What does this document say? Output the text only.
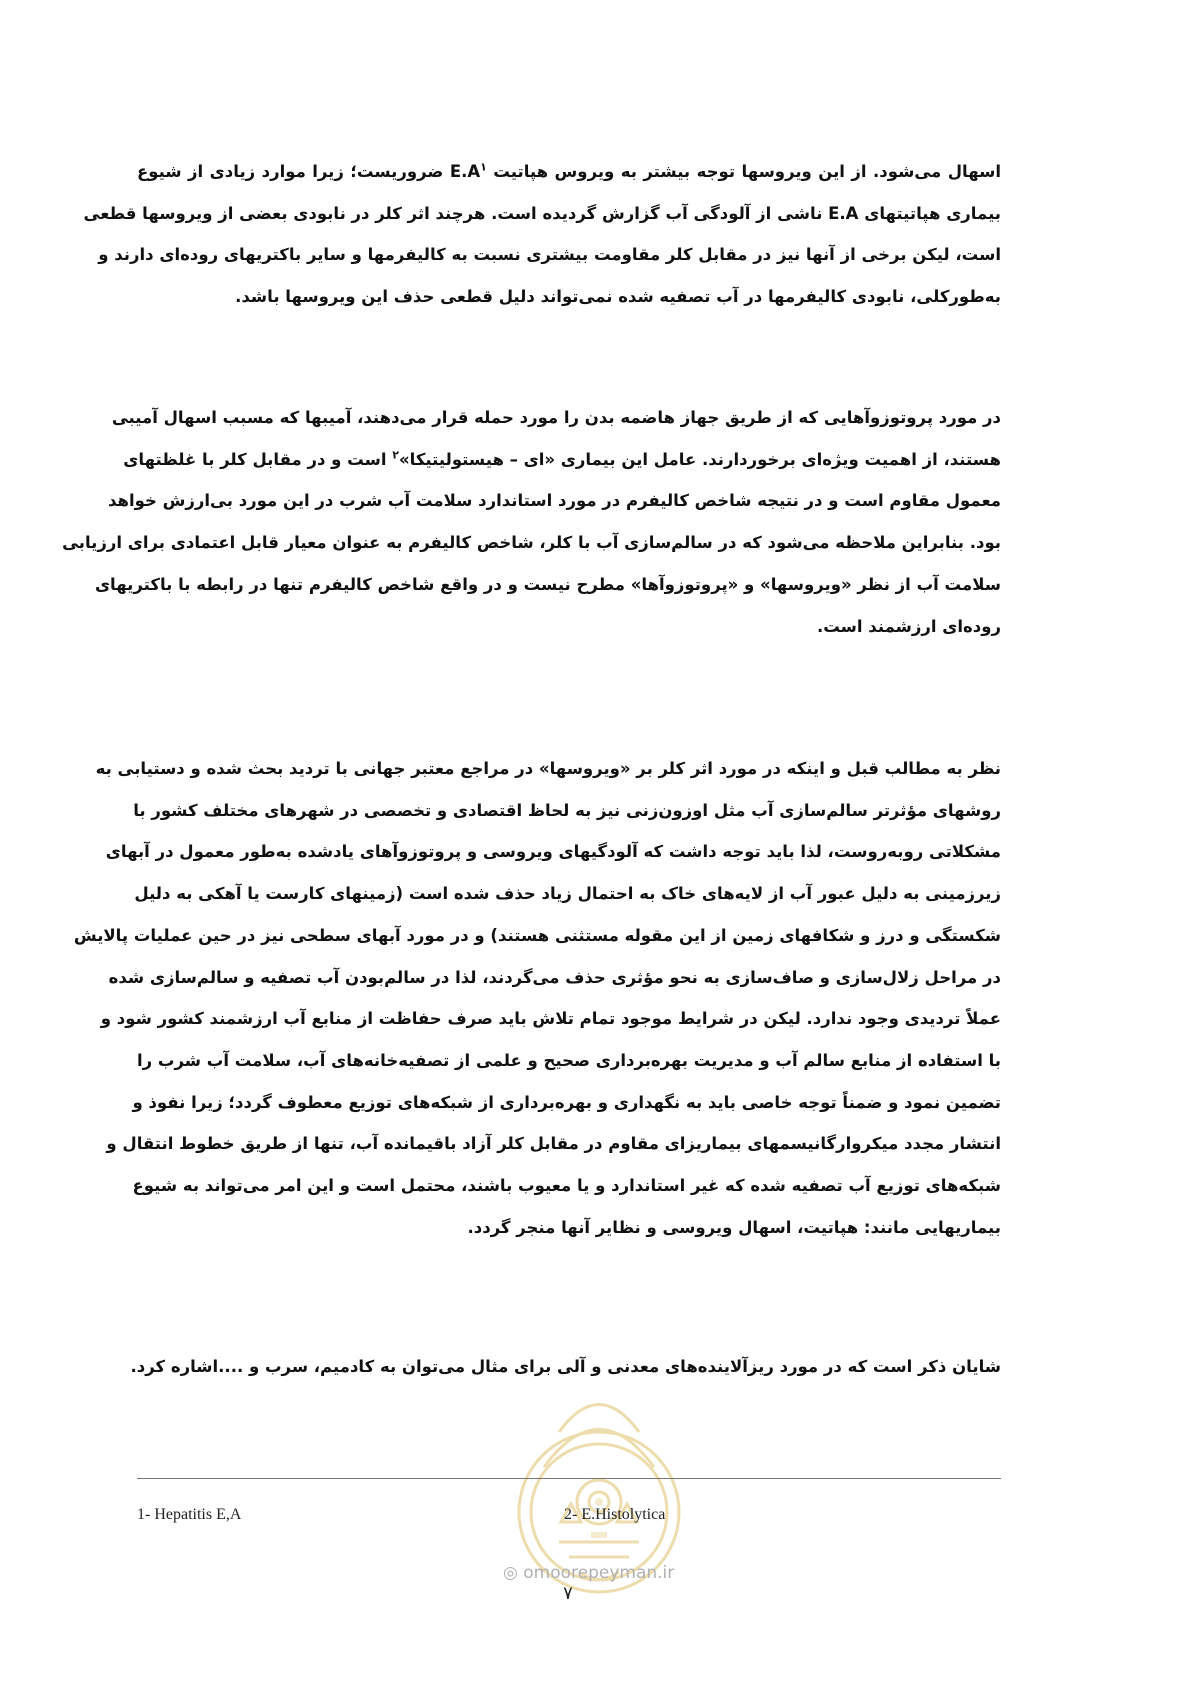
اسهال می‌شود. از این ویروسها توجه بیشتر به ویروس هپاتیت $E.A^۱$ ضروریست؛ زیرا موارد زیادی از شیوع
بیماری هپاتیتهای E.A ناشی از آلودگی آب گزارش گردیده است. هرچند اثر کلر در نابودی بعضی از ویروسها قطعی
است، لیکن برخی از آنها نیز در مقابل کلر مقاومت بیشتری نسبت به کالیفرمها و سایر باکتریهای روده‌ای دارند و
به‌طورکلی، نابودی کالیفرمها در آب تصفیه شده نمی‌تواند دلیل قطعی حذف این ویروسها باشد.

در مورد پروتوزوآهایی که از طریق جهاز هاضمه بدن را مورد حمله قرار می‌دهند، آمیبها که مسبب اسهال آمیبی
هستند، از اهمیت ویژه‌ای برخوردارند. عامل این بیماری «ای – هیستولیتیکا»$^۲$ است و در مقابل کلر با غلظتهای
معمول مقاوم است و در نتیجه شاخص کالیفرم در مورد استاندارد سلامت آب شرب در این مورد بی‌ارزش خواهد
بود. بنابراین ملاحظه می‌شود که در سالم‌سازی آب با کلر، شاخص کالیفرم به عنوان معیار قابل اعتمادی برای ارزیابی
سلامت آب از نظر «ویروسها» و «پروتوزوآها» مطرح نیست و در واقع شاخص کالیفرم تنها در رابطه با باکتریهای
روده‌ای ارزشمند است.

نظر به مطالب قبل و اینکه در مورد اثر کلر بر «ویروسها» در مراجع معتبر جهانی با تردید بحث شده و دستیابی به
روشهای مؤثرتر سالم‌سازی آب مثل اوزون‌زنی نیز به لحاظ اقتصادی و تخصصی در شهرهای مختلف کشور با
مشکلاتی روبه‌روست، لذا باید توجه داشت که آلودگیهای ویروسی و پروتوزوآهای یادشده به‌طور معمول در آبهای
زیرزمینی به دلیل عبور آب از لایه‌های خاک به احتمال زیاد حذف شده است (زمینهای کارست یا آهکی به دلیل
شکستگی و درز و شکافهای زمین از این مقوله مستثنی هستند) و در مورد آبهای سطحی نیز در حین عملیات پالایش
در مراحل زلال‌سازی و صاف‌سازی به نحو مؤثری حذف می‌گردند، لذا در سالم‌بودن آب تصفیه و سالم‌سازی شده
عملاً تردیدی وجود ندارد. لیکن در شرایط موجود تمام تلاش باید صرف حفاظت از منابع آب ارزشمند کشور شود و
با استفاده از منابع سالم آب و مدیریت بهره‌برداری صحیح و علمی از تصفیه‌خانه‌های آب، سلامت آب شرب را
تضمین نمود و ضمناً توجه خاصی باید به نگهداری و بهره‌برداری از شبکه‌های توزیع معطوف گردد؛ زیرا نفوذ و
انتشار مجدد میکروارگانیسمهای بیماریزای مقاوم در مقابل کلر آزاد باقیمانده آب، تنها از طریق خطوط انتقال و
شبکه‌های توزیع آب تصفیه شده که غیر استاندارد و یا معیوب باشند، محتمل است و این امر می‌تواند به شیوع
بیماریهایی مانند: هپاتیت، اسهال ویروسی و نظایر آنها منجر گردد.

شایان ذکر است که در مورد ریزآلاینده‌های معدنی و آلی برای مثال می‌توان به کادمیم، سرب و ....اشاره کرد.

1- Hepatitis E,A	2- E.Histolytica
◎ omoorepeyman.ir
۷
